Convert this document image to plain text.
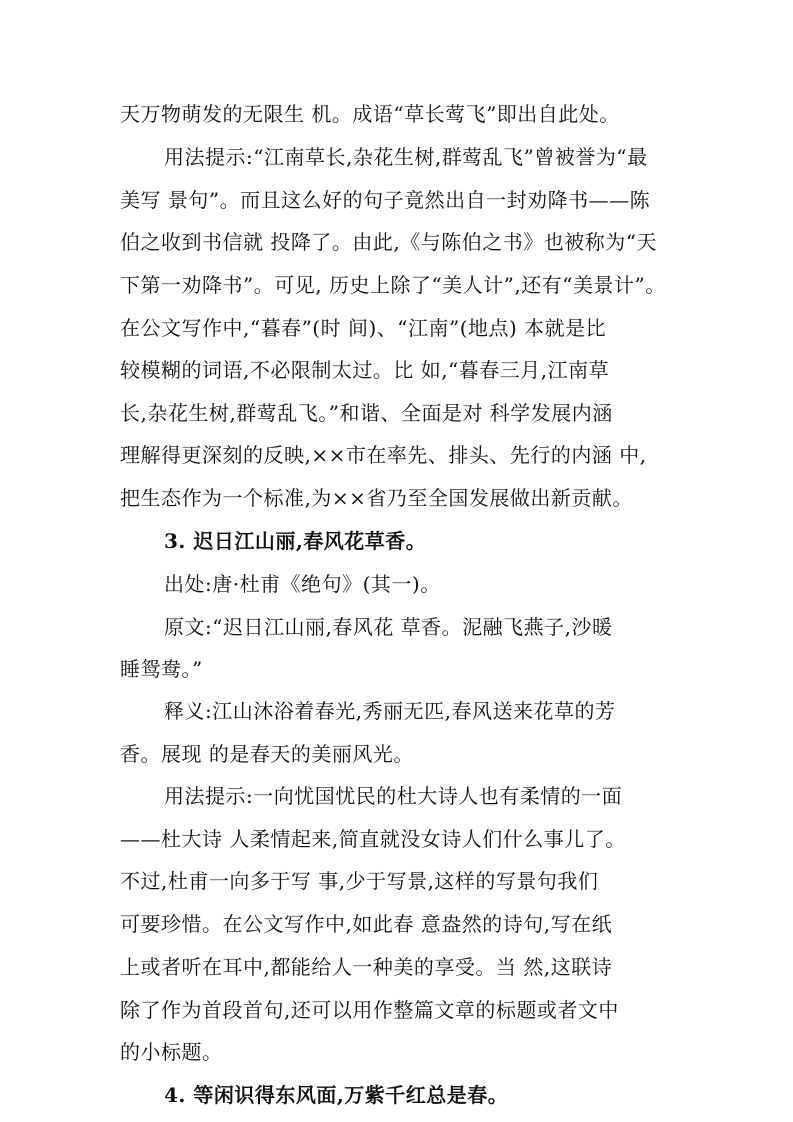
天万物萌发的无限生 机。成语“草长莺飞”即出自此处。
用法提示:“江南草长,杂花生树,群莺乱飞”曾被誉为“最
美写 景句”。而且这么好的句子竟然出自一封劝降书——陈
伯之收到书信就 投降了。由此,《与陈伯之书》也被称为“天
下第一劝降书”。可见, 历史上除了“美人计”,还有“美景计”。
在公文写作中,“暮春”(时 间)、“江南”(地点) 本就是比
较模糊的词语,不必限制太过。比 如,“暮春三月,江南草
长,杂花生树,群莺乱飞。”和谐、全面是对 科学发展内涵
理解得更深刻的反映,××市在率先、排头、先行的内涵 中,
把生态作为一个标准,为××省乃至全国发展做出新贡献。
3. 迟日江山丽,春风花草香。
出处:唐·杜甫《绝句》(其一)。
原文:“迟日江山丽,春风花 草香。泥融飞燕子,沙暖
睡鸳鸯。”
释义:江山沐浴着春光,秀丽无匹,春风送来花草的芳
香。展现 的是春天的美丽风光。
用法提示:一向忧国忧民的杜大诗人也有柔情的一面
——杜大诗 人柔情起来,简直就没女诗人们什么事儿了。
不过,杜甫一向多于写 事,少于写景,这样的写景句我们
可要珍惜。在公文写作中,如此春 意盎然的诗句,写在纸
上或者听在耳中,都能给人一种美的享受。当 然,这联诗
除了作为首段首句,还可以用作整篇文章的标题或者文中
的小标题。
4. 等闲识得东风面,万紫千红总是春。
